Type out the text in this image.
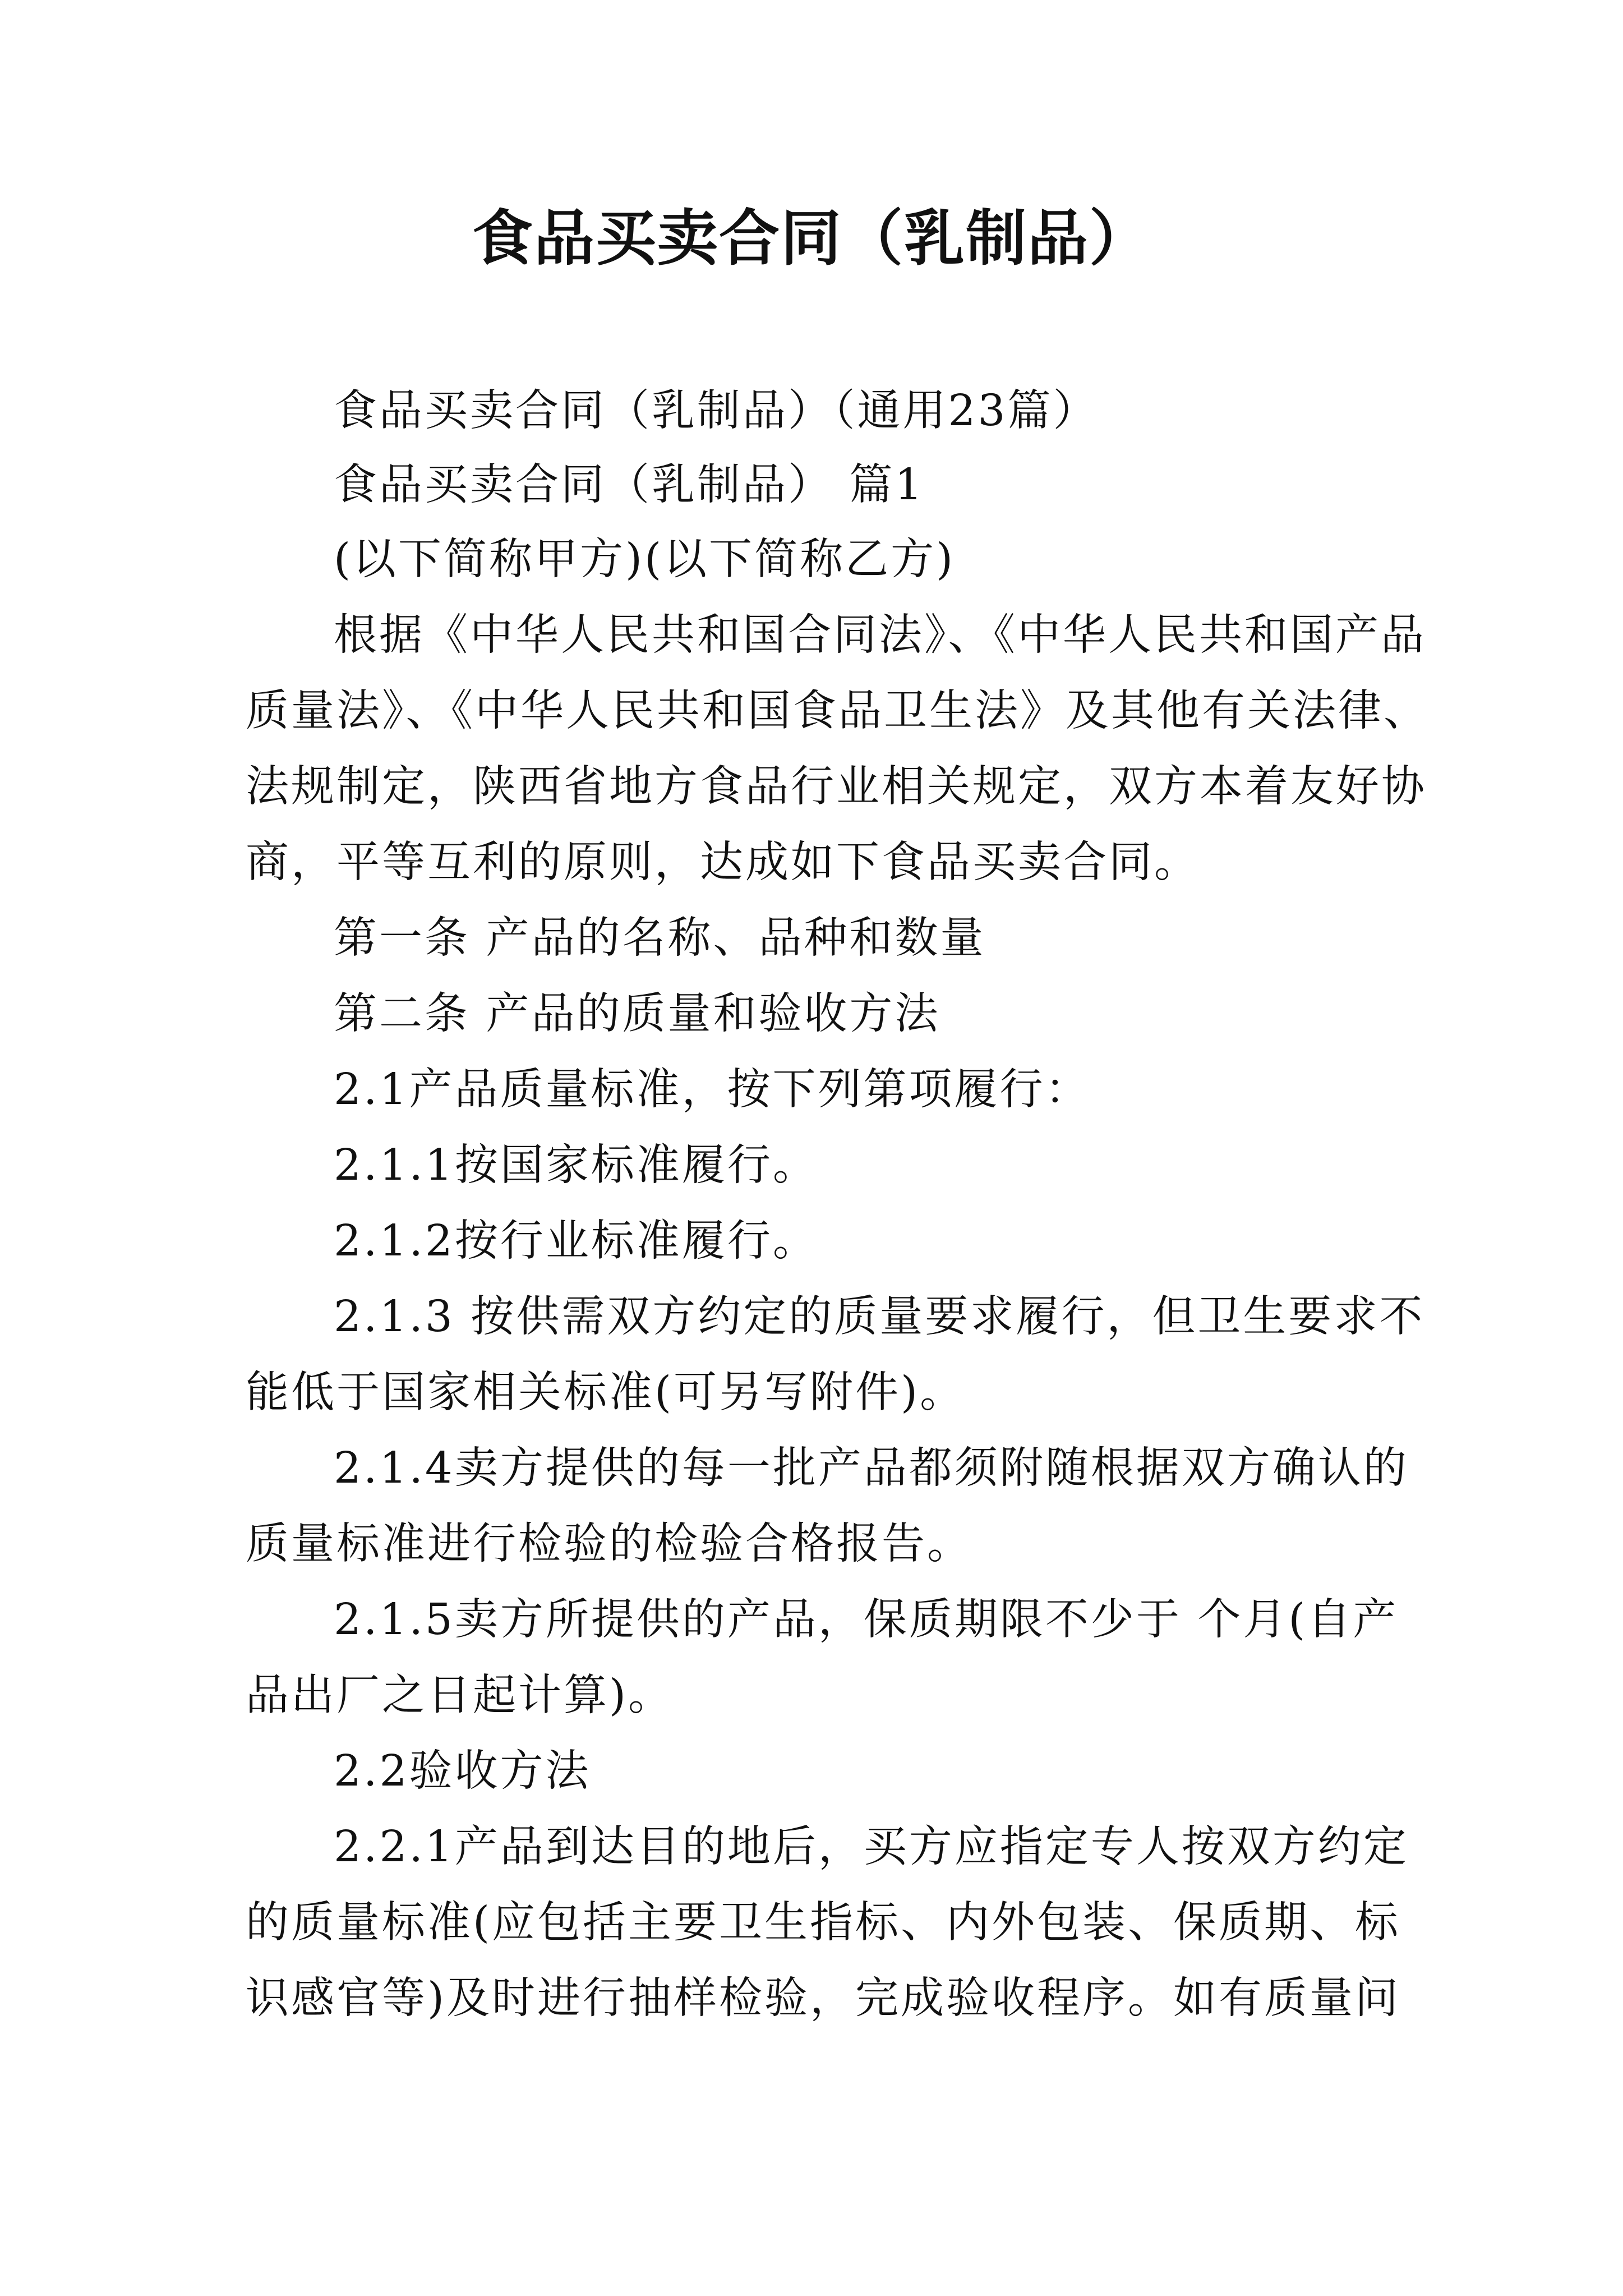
食品买卖合同（乳制品）
食品买卖合同（乳制品）（通用23篇）
食品买卖合同（乳制品） 篇1
(以下简称甲方)(以下简称乙方)
根据《中华人民共和国合同法》、《中华人民共和国产品
质量法》、《中华人民共和国食品卫生法》及其他有关法律、
法规制定，陕西省地方食品行业相关规定，双方本着友好协
商，平等互利的原则，达成如下食品买卖合同。
第一条 产品的名称、品种和数量
第二条 产品的质量和验收方法
2.1产品质量标准，按下列第项履行：
2.1.1按国家标准履行。
2.1.2按行业标准履行。
2.1.3 按供需双方约定的质量要求履行，但卫生要求不
能低于国家相关标准(可另写附件)。
2.1.4卖方提供的每一批产品都须附随根据双方确认的
质量标准进行检验的检验合格报告。
2.1.5卖方所提供的产品，保质期限不少于 个月(自产
品出厂之日起计算)。
2.2验收方法
2.2.1产品到达目的地后，买方应指定专人按双方约定
的质量标准(应包括主要卫生指标、内外包装、保质期、标
识感官等)及时进行抽样检验，完成验收程序。如有质量问
